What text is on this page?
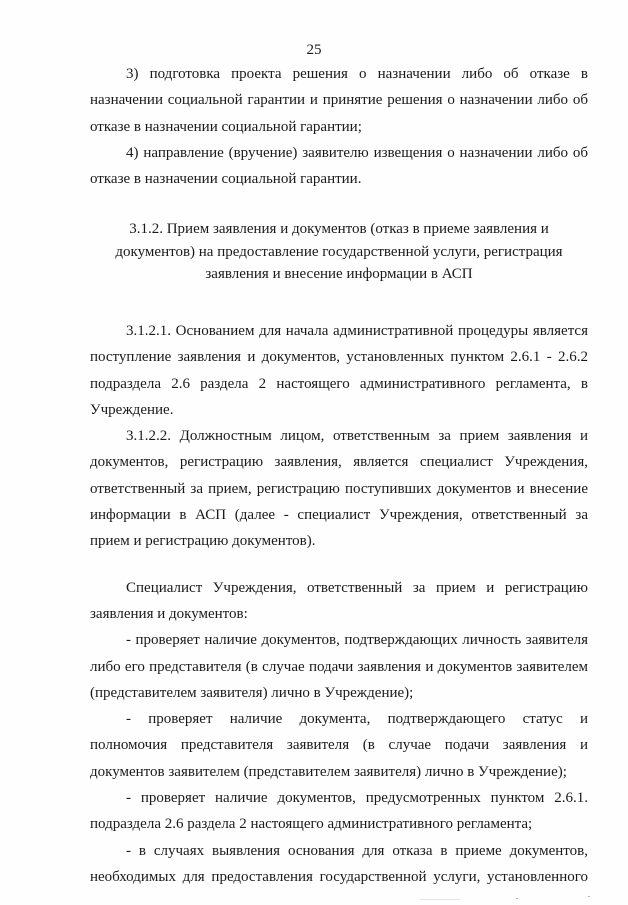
25

3) подготовка проекта решения о назначении либо об отказе в назначении социальной гарантии и принятие решения о назначении либо об отказе в назначении социальной гарантии;

4) направление (вручение) заявителю извещения о назначении либо об отказе в назначении социальной гарантии.

3.1.2. Прием заявления и документов (отказ в приеме заявления и документов) на предоставление государственной услуги, регистрация заявления и внесение информации в АСП

3.1.2.1. Основанием для начала административной процедуры является поступление заявления и документов, установленных пунктом 2.6.1 - 2.6.2 подраздела 2.6 раздела 2 настоящего административного регламента, в Учреждение.

3.1.2.2. Должностным лицом, ответственным за прием заявления и документов, регистрацию заявления, является специалист Учреждения, ответственный за прием, регистрацию поступивших документов и внесение информации в АСП (далее - специалист Учреждения, ответственный за прием и регистрацию документов).

Специалист Учреждения, ответственный за прием и регистрацию заявления и документов:

- проверяет наличие документов, подтверждающих личность заявителя либо его представителя (в случае подачи заявления и документов заявителем (представителем заявителя) лично в Учреждение);

- проверяет наличие документа, подтверждающего статус и полномочия представителя заявителя (в случае подачи заявления и документов заявителем (представителем заявителя) лично в Учреждение);

- проверяет наличие документов, предусмотренных пунктом 2.6.1. подраздела 2.6 раздела 2 настоящего административного регламента;

- в случаях выявления основания для отказа в приеме документов, необходимых для предоставления государственной услуги, установленного
